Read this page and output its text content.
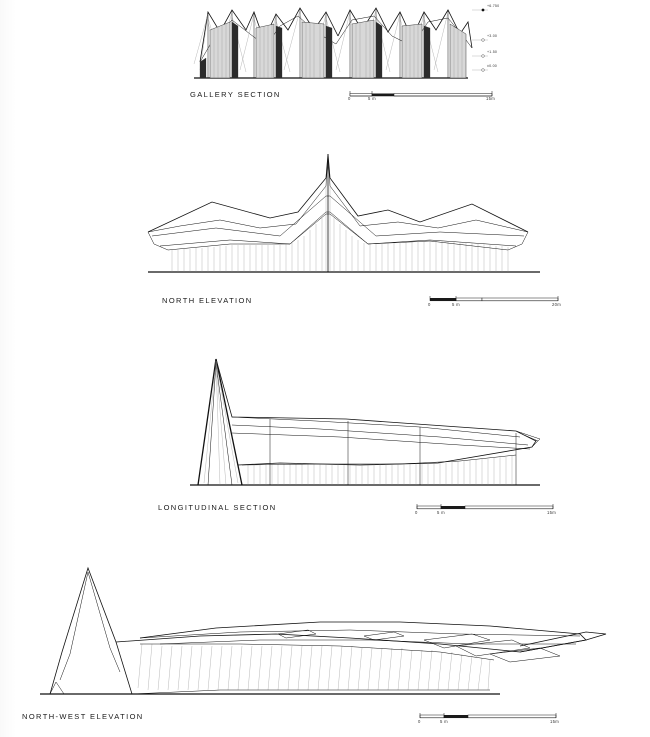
+6.750
+3.00
+1.50
±0.00
GALLERY SECTION	0	5 m	15m
NORTH ELEVATION	0	5 m	20m
LONGITUDINAL SECTION
0	5 m	15m
NORTH-WEST ELEVATION
0	5 m	15m
